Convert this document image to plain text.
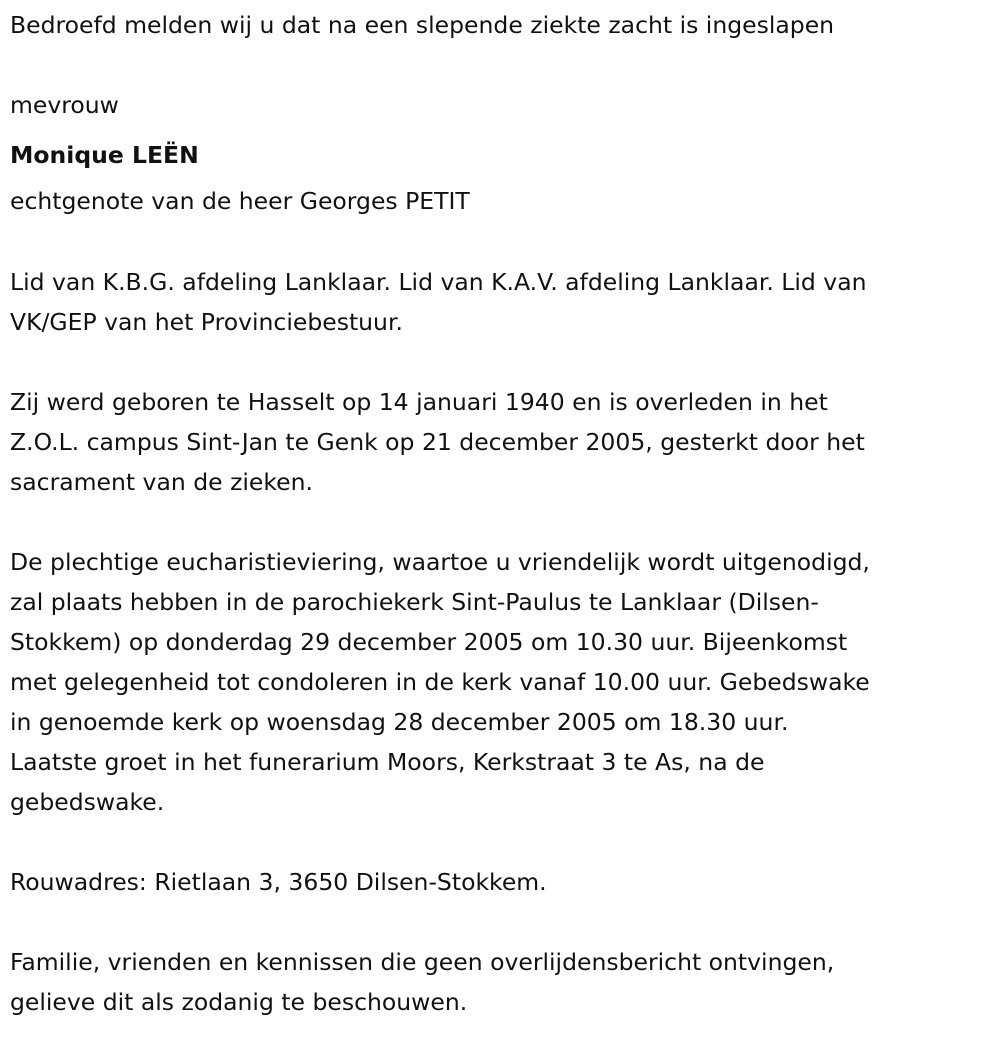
Bedroefd melden wij u dat na een slepende ziekte zacht is ingeslapen
mevrouw
Monique LEËN
echtgenote van de heer Georges PETIT
Lid van K.B.G. afdeling Lanklaar. Lid van K.A.V. afdeling Lanklaar. Lid van
VK/GEP van het Provinciebestuur.
Zij werd geboren te Hasselt op 14 januari 1940 en is overleden in het
Z.O.L. campus Sint-Jan te Genk op 21 december 2005, gesterkt door het
sacrament van de zieken.
De plechtige eucharistieviering, waartoe u vriendelijk wordt uitgenodigd,
zal plaats hebben in de parochiekerk Sint-Paulus te Lanklaar (Dilsen-
Stokkem) op donderdag 29 december 2005 om 10.30 uur. Bijeenkomst
met gelegenheid tot condoleren in de kerk vanaf 10.00 uur. Gebedswake
in genoemde kerk op woensdag 28 december 2005 om 18.30 uur.
Laatste groet in het funerarium Moors, Kerkstraat 3 te As, na de
gebedswake.
Rouwadres: Rietlaan 3, 3650 Dilsen-Stokkem.
Familie, vrienden en kennissen die geen overlijdensbericht ontvingen,
gelieve dit als zodanig te beschouwen.
